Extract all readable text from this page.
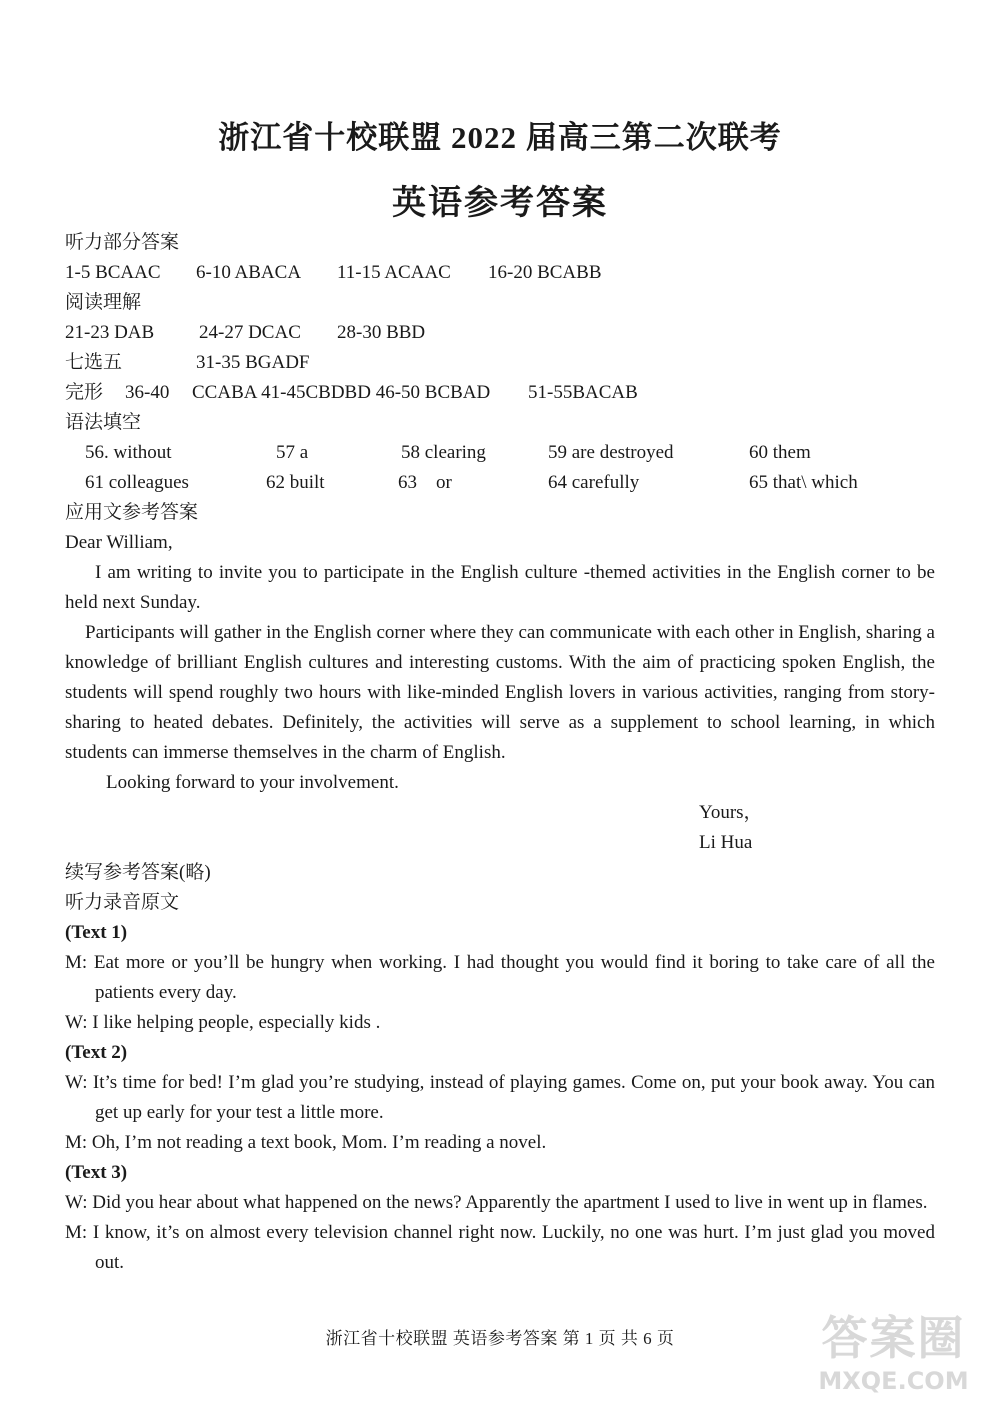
浙江省十校联盟 2022 届高三第二次联考
英语参考答案
听力部分答案
1-5 BCAAC 6-10 ABACA 11-15 ACAAC 16-20 BCABB
阅读理解
21-23 DAB 24-27 DCAC 28-30 BBD
七选五	31-35 BGADF
完形 36-40 CCABA 41-45CBDBD 46-50 BCBAD 51-55BACAB
语法填空
56. without	57 a	58 clearing	59 are destroyed	60 them
61 colleagues	62 built	63    or	64 carefully	65 that\ which
应用文参考答案
Dear William,
I am writing to invite you to participate in the English culture -themed activities in the English corner to be held next Sunday.
Participants will gather in the English corner where they can communicate with each other in English, sharing a knowledge of brilliant English cultures and interesting customs. With the aim of practicing spoken English, the students will spend roughly two hours with like-minded English lovers in various activities, ranging from story-sharing to heated debates. Definitely, the activities will serve as a supplement to school learning, in which students can immerse themselves in the charm of English.
Looking forward to your involvement.
Yours，
Li Hua
续写参考答案(略)
听力录音原文
(Text 1)
M: Eat more or you’ll be hungry when working. I had thought you would find it boring to take care of all the patients every day.
W: I like helping people, especially kids .
(Text 2)
W: It’s time for bed! I’m glad you’re studying, instead of playing games. Come on, put your book away. You can get up early for your test a little more.
M: Oh, I’m not reading a text book, Mom. I’m reading a novel.
(Text 3)
W: Did you hear about what happened on the news? Apparently the apartment I used to live in went up in flames.
M: I know, it’s on almost every television channel right now. Luckily, no one was hurt. I’m just glad you moved out.
浙江省十校联盟 英语参考答案 第 1 页 共 6 页	答案圈
MXQE.COM
